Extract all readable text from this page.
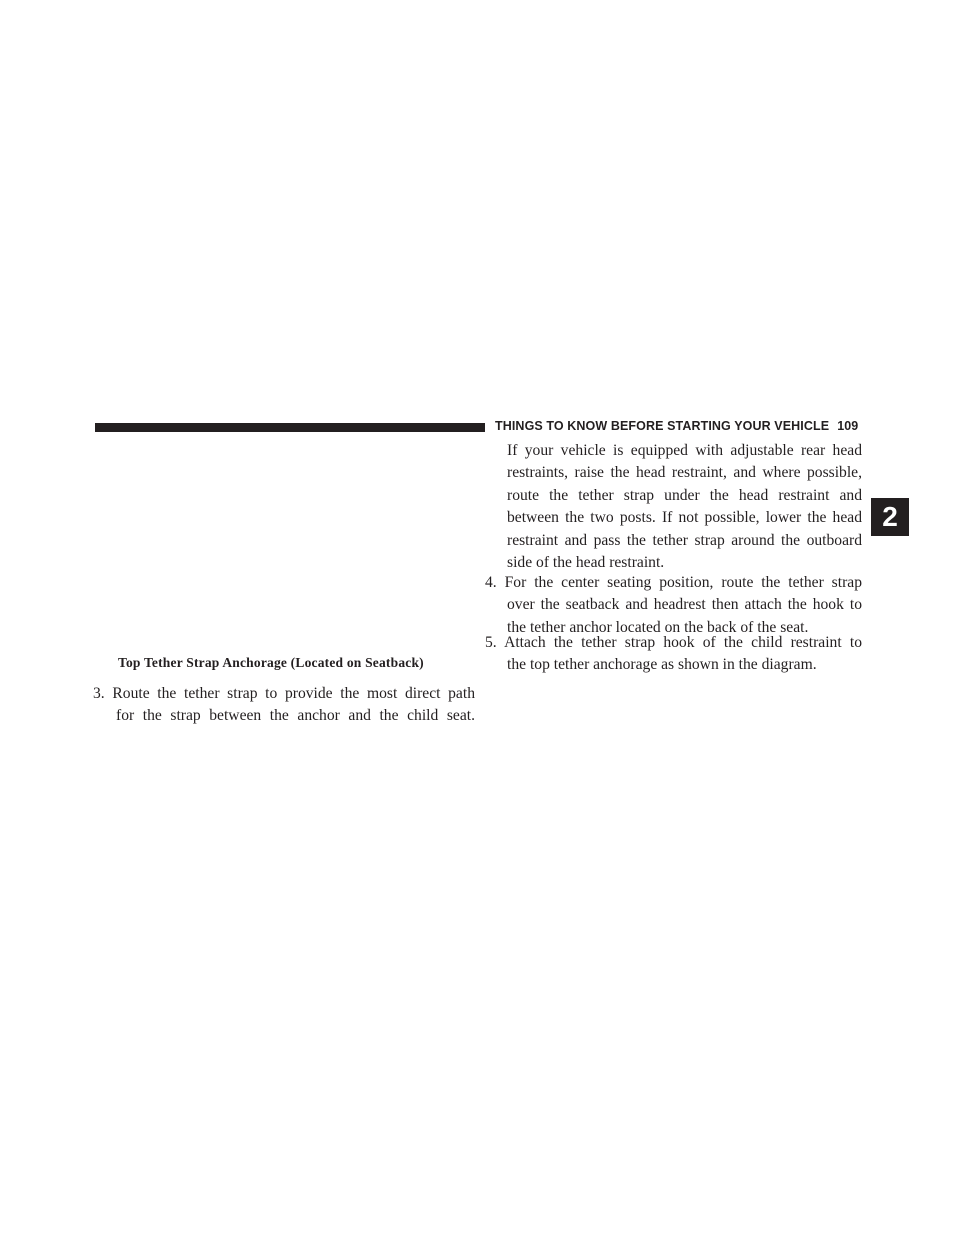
THINGS TO KNOW BEFORE STARTING YOUR VEHICLE 109
2
Top Tether Strap Anchorage (Located on Seatback)
3. Route the tether strap to provide the most direct path
for the strap between the anchor and the child seat.
If your vehicle is equipped with adjustable rear head restraints, raise the head restraint, and where possible, route the tether strap under the head restraint and between the two posts. If not possible, lower the head restraint and pass the tether strap around the outboard side of the head restraint.
4. For the center seating position, route the tether strap
over the seatback and headrest then attach the hook to the tether anchor located on the back of the seat.
5. Attach the tether strap hook of the child restraint to
the top tether anchorage as shown in the diagram.
